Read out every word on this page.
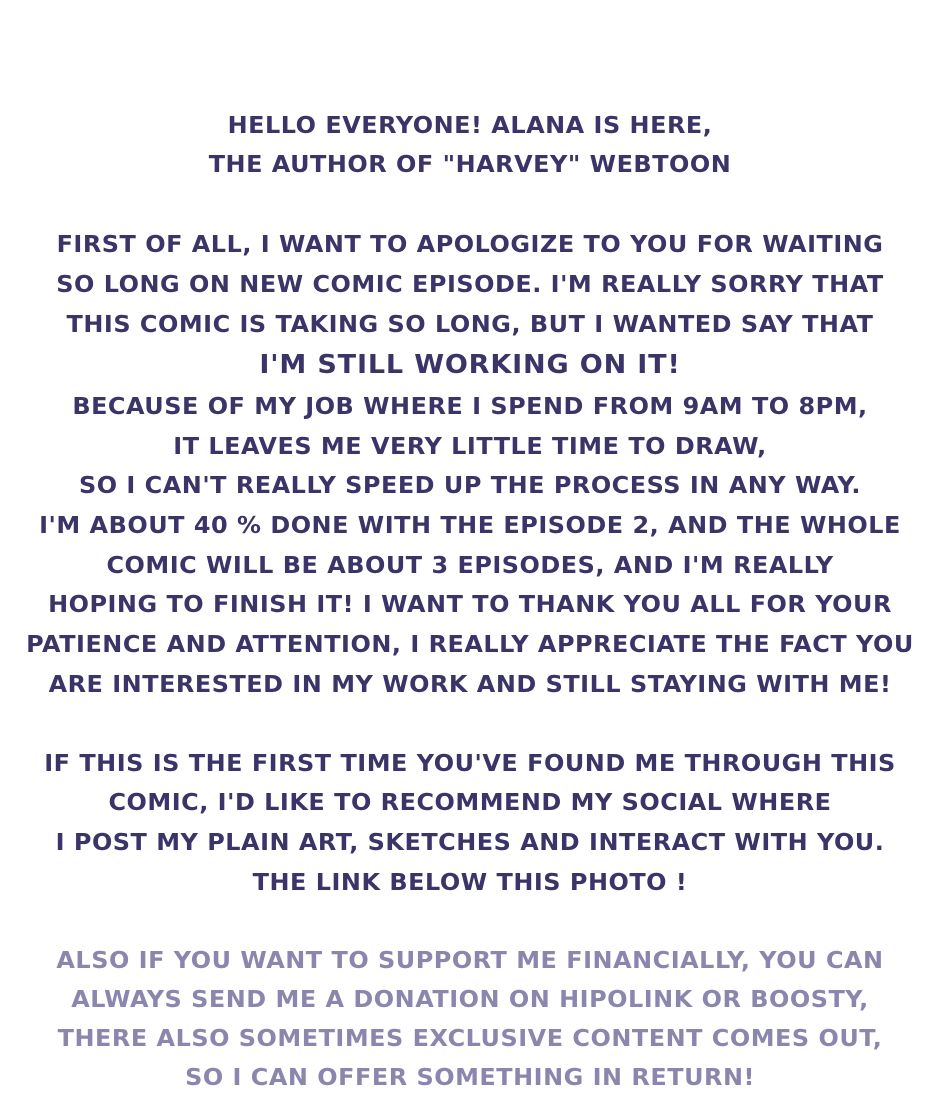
HELLO EVERYONE! ALANA IS HERE,
THE AUTHOR OF "HARVEY" WEBTOON
FIRST OF ALL, I WANT TO APOLOGIZE TO YOU FOR WAITING
SO LONG ON NEW COMIC EPISODE. I'M REALLY SORRY THAT
THIS COMIC IS TAKING SO LONG, BUT I WANTED SAY THAT
I'M STILL WORKING ON IT!
BECAUSE OF MY JOB WHERE I SPEND FROM 9AM TO 8PM,
IT LEAVES ME VERY LITTLE TIME TO DRAW,
SO I CAN'T REALLY SPEED UP THE PROCESS IN ANY WAY.
I'M ABOUT 40 % DONE WITH THE EPISODE 2, AND THE WHOLE
COMIC WILL BE ABOUT 3 EPISODES, AND I'M REALLY
HOPING TO FINISH IT! I WANT TO THANK YOU ALL FOR YOUR
PATIENCE AND ATTENTION, I REALLY APPRECIATE THE FACT YOU
ARE INTERESTED IN MY WORK AND STILL STAYING WITH ME!
IF THIS IS THE FIRST TIME YOU'VE FOUND ME THROUGH THIS
COMIC, I'D LIKE TO RECOMMEND MY SOCIAL WHERE
I POST MY PLAIN ART, SKETCHES AND INTERACT WITH YOU.
THE LINK BELOW THIS PHOTO !
ALSO IF YOU WANT TO SUPPORT ME FINANCIALLY, YOU CAN
ALWAYS SEND ME A DONATION ON HIPOLINK OR BOOSTY,
THERE ALSO SOMETIMES EXCLUSIVE CONTENT COMES OUT,
SO I CAN OFFER SOMETHING IN RETURN!
